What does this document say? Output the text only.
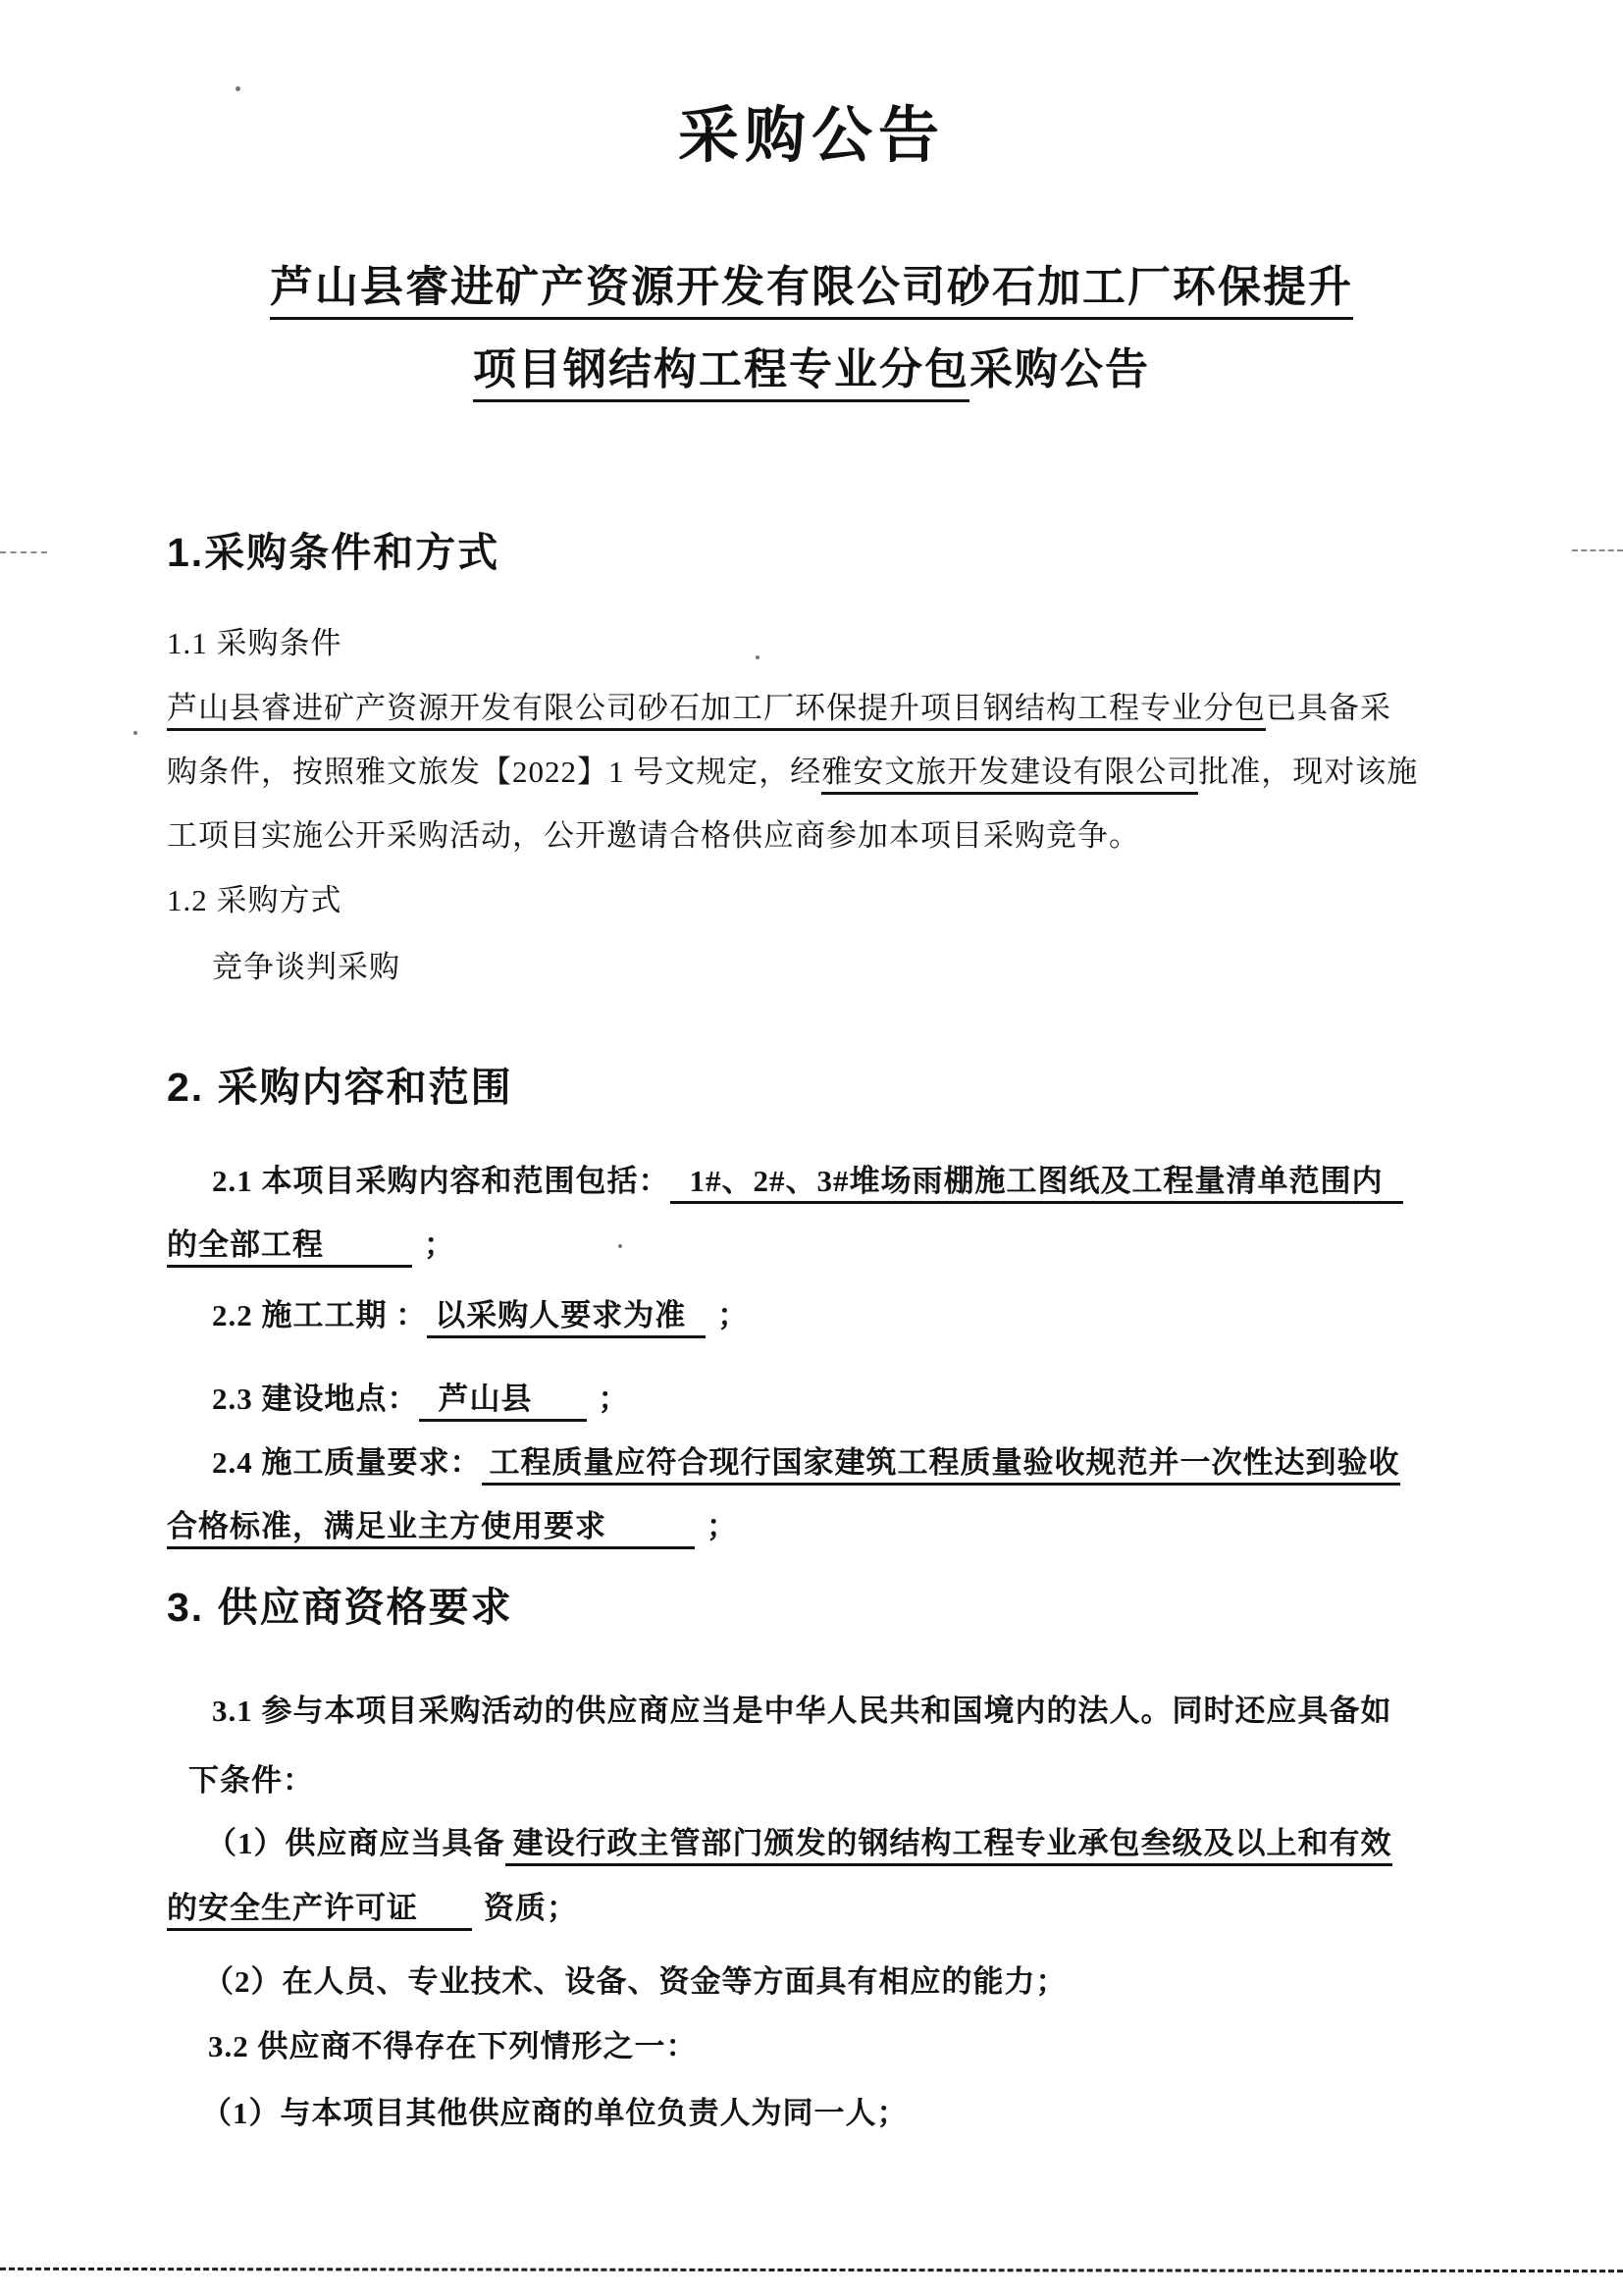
采购公告
芦山县睿进矿产资源开发有限公司砂石加工厂环保提升
项目钢结构工程专业分包采购公告
1.采购条件和方式
1.1 采购条件
芦山县睿进矿产资源开发有限公司砂石加工厂环保提升项目钢结构工程专业分包已具备采
购条件，按照雅文旅发【2022】1 号文规定，经雅安文旅开发建设有限公司批准，现对该施
工项目实施公开采购活动，公开邀请合格供应商参加本项目采购竞争。
1.2 采购方式
竞争谈判采购
2. 采购内容和范围
2.1 本项目采购内容和范围包括： 1#、2#、3#堆场雨棚施工图纸及工程量清单范围内
的全部工程	；
2.2 施工工期 ： 以采购人要求为准 ；
2.3 建设地点： 芦山县 ；
2.4 施工质量要求： 工程质量应符合现行国家建筑工程质量验收规范并一次性达到验收
合格标准，满足业主方使用要求	；
3. 供应商资格要求
3.1 参与本项目采购活动的供应商应当是中华人民共和国境内的法人。同时还应具备如
下条件：
（1）供应商应当具备 建设行政主管部门颁发的钢结构工程专业承包叁级及以上和有效
的安全生产许可证 资质；
（2）在人员、专业技术、设备、资金等方面具有相应的能力；
3.2 供应商不得存在下列情形之一：
（1）与本项目其他供应商的单位负责人为同一人；
